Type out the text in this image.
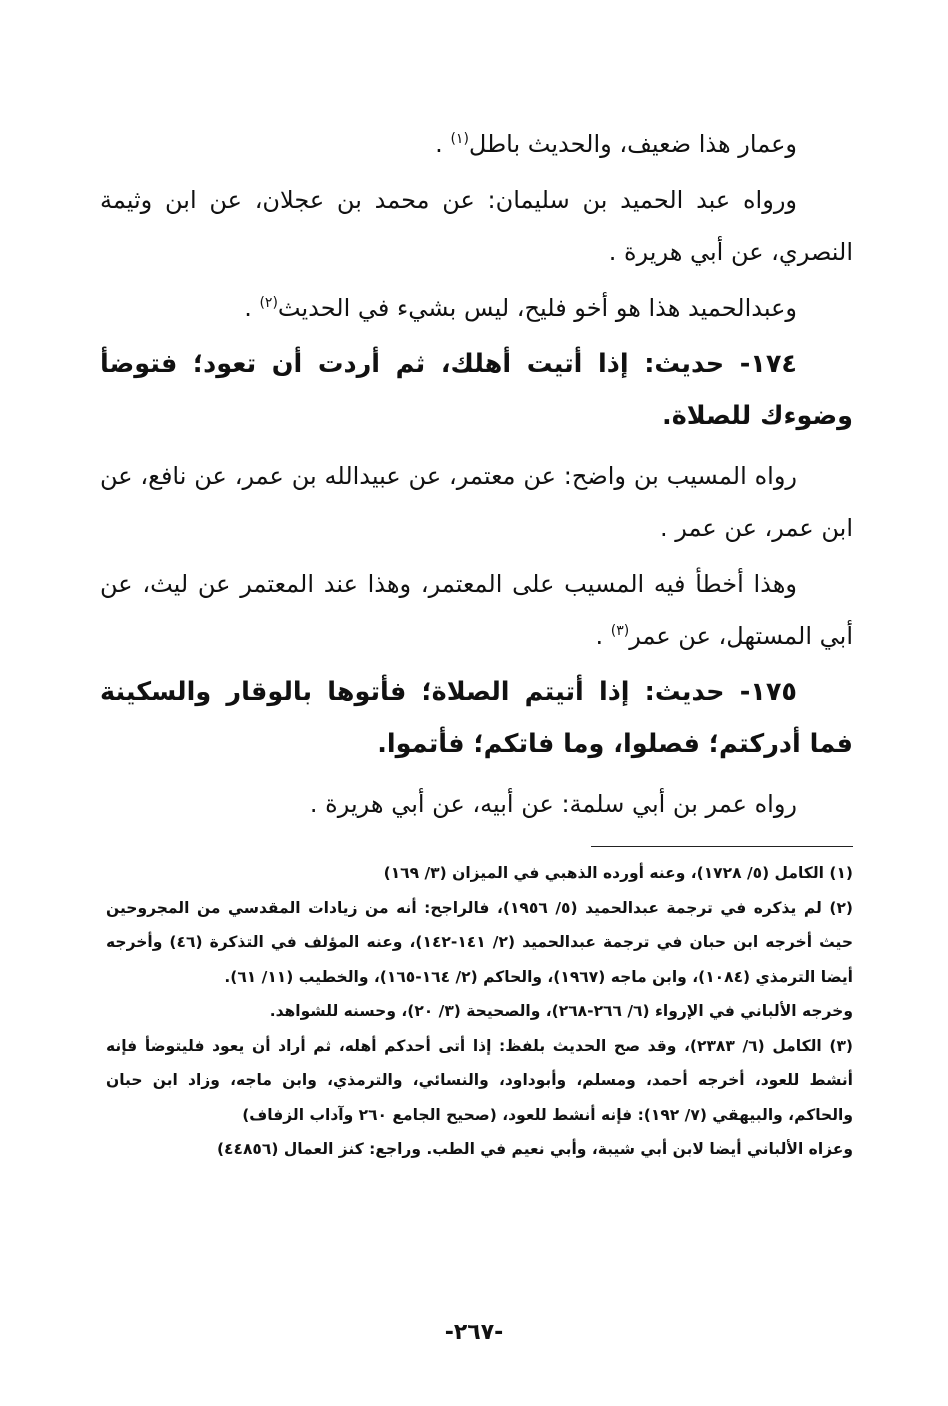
وعمار هذا ضعيف، والحديث باطل$^{(١)}$ .

ورواه عبد الحميد بن سليمان: عن محمد بن عجلان، عن ابن وثيمة النصري، عن أبي هريرة .

وعبدالحميد هذا هو أخو فليح، ليس بشيء في الحديث$^{(٢)}$ .

١٧٤- حديث: إذا أتيت أهلك، ثم أردت أن تعود؛ فتوضأ وضوءك للصلاة.

رواه المسيب بن واضح: عن معتمر، عن عبيدالله بن عمر، عن نافع، عن ابن عمر، عن عمر .

وهذا أخطأ فيه المسيب على المعتمر، وهذا عند المعتمر عن ليث، عن أبي المستهل، عن عمر$^{(٣)}$ .

١٧٥- حديث: إذا أتيتم الصلاة؛ فأتوها بالوقار والسكينة فما أدركتم؛ فصلوا، وما فاتكم؛ فأتموا.

رواه عمر بن أبي سلمة: عن أبيه، عن أبي هريرة .

(١) الكامل (٥/ ١٧٢٨)، وعنه أورده الذهبي في الميزان (٣/ ١٦٩)

(٢) لم يذكره في ترجمة عبدالحميد (٥/ ١٩٥٦)، فالراجح: أنه من زيادات المقدسي من المجروحين حيث أخرجه ابن حبان في ترجمة عبدالحميد (٢/ ١٤١-١٤٢)، وعنه المؤلف في التذكرة (٤٦) وأخرجه أيضا الترمذي (١٠٨٤)، وابن ماجه (١٩٦٧)، والحاكم (٢/ ١٦٤-١٦٥)، والخطيب (١١/ ٦١).

وخرجه الألباني في الإرواء (٦/ ٢٦٦-٢٦٨)، والصحيحة (٣/ ٢٠)، وحسنه للشواهد.

(٣) الكامل (٦/ ٢٣٨٣)، وقد صح الحديث بلفظ: إذا أتى أحدكم أهله، ثم أراد أن يعود فليتوضأ فإنه أنشط للعود، أخرجه أحمد، ومسلم، وأبوداود، والنسائي، والترمذي، وابن ماجه، وزاد ابن حبان والحاكم، والبيهقي (٧/ ١٩٢): فإنه أنشط للعود، (صحيح الجامع ٢٦٠ وآداب الزفاف)

وعزاه الألباني أيضا لابن أبي شيبة، وأبي نعيم في الطب. وراجع: كنز العمال (٤٤٨٥٦)

-٢٦٧-
